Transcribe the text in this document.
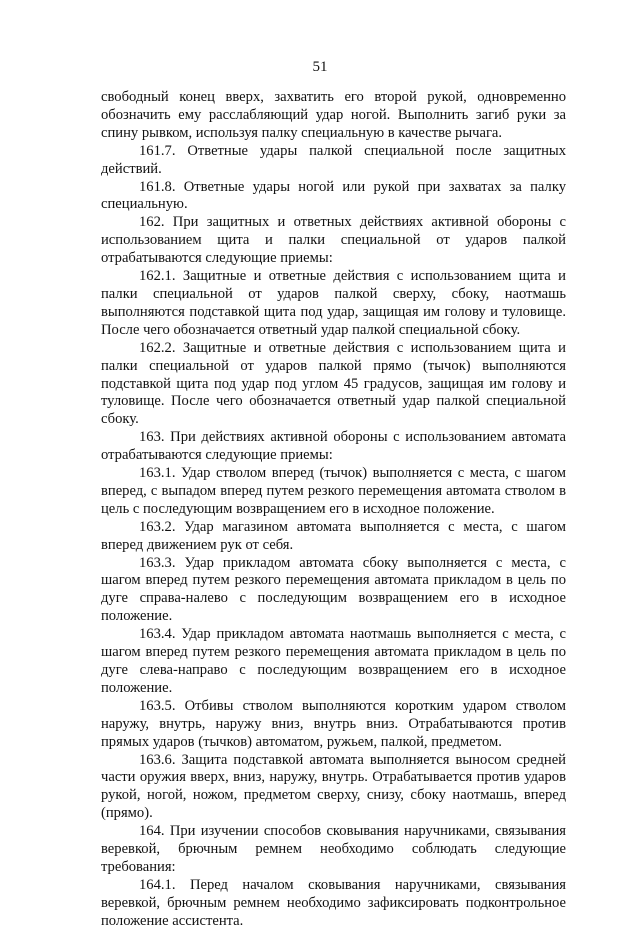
51

свободный конец вверх, захватить его второй рукой, одновременно обозначить ему расслабляющий удар ногой. Выполнить загиб руки за спину рывком, используя палку специальную в качестве рычага.

161.7. Ответные удары палкой специальной после защитных действий.

161.8. Ответные удары ногой или рукой при захватах за палку специальную.

162. При защитных и ответных действиях активной обороны с использованием щита и палки специальной от ударов палкой отрабатываются следующие приемы:

162.1. Защитные и ответные действия с использованием щита и палки специальной от ударов палкой сверху, сбоку, наотмашь выполняются подставкой щита под удар, защищая им голову и туловище. После чего обозначается ответный удар палкой специальной сбоку.

162.2. Защитные и ответные действия с использованием щита и палки специальной от ударов палкой прямо (тычок) выполняются подставкой щита под удар под углом 45 градусов, защищая им голову и туловище. После чего обозначается ответный удар палкой специальной сбоку.

163. При действиях активной обороны с использованием автомата отрабатываются следующие приемы:

163.1. Удар стволом вперед (тычок) выполняется с места, с шагом вперед, с выпадом вперед путем резкого перемещения автомата стволом в цель с последующим возвращением его в исходное положение.

163.2. Удар магазином автомата выполняется с места, с шагом вперед движением рук от себя.

163.3. Удар прикладом автомата сбоку выполняется с места, с шагом вперед путем резкого перемещения автомата прикладом в цель по дуге справа-налево с последующим возвращением его в исходное положение.

163.4. Удар прикладом автомата наотмашь выполняется с места, с шагом вперед путем резкого перемещения автомата прикладом в цель по дуге слева-направо с последующим возвращением его в исходное положение.

163.5. Отбивы стволом выполняются коротким ударом стволом наружу, внутрь, наружу вниз, внутрь вниз. Отрабатываются против прямых ударов (тычков) автоматом, ружьем, палкой, предметом.

163.6. Защита подставкой автомата выполняется выносом средней части оружия вверх, вниз, наружу, внутрь. Отрабатывается против ударов рукой, ногой, ножом, предметом сверху, снизу, сбоку наотмашь, вперед (прямо).

164. При изучении способов сковывания наручниками, связывания веревкой, брючным ремнем необходимо соблюдать следующие требования:

164.1. Перед началом сковывания наручниками, связывания веревкой, брючным ремнем необходимо зафиксировать подконтрольное положение ассистента.
